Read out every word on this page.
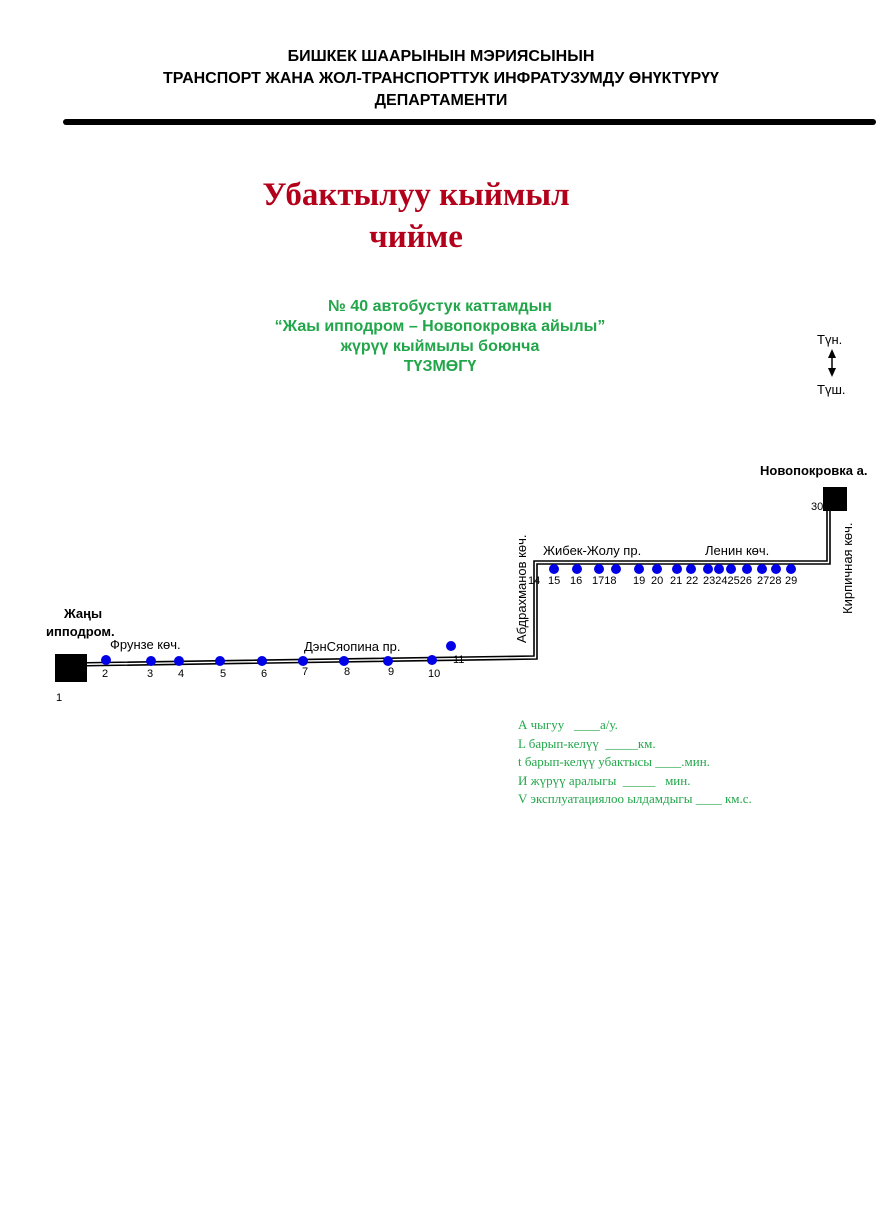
БИШКЕК ШААРЫНЫН МЭРИЯСЫНЫН
ТРАНСПОРТ ЖАНА ЖОЛ-ТРАНСПОРТТУК ИНФРАТУЗУМДУ ӨНҮКТҮРҮҮ
ДЕПАРТАМЕНТИ
Убактылуу кыймыл
чийме
№ 40 автобустук каттамдын
“Жаы ипподром – Новопокровка айылы”
жүрүү кыймылы боюнча
ТҮЗМӨГҮ
Түн.
Түш.
1
2	3 4	5	6	7	8	9	10
11
14 15 16 1718 19 20 21 22 23242526 2728 29
30
Жаңы
ипподром.
Новопокровка а.
Фрунзе көч.	ДэнСяопина пр.
Жибек-Жолу пр.	Ленин көч.
Абдрахманов көч.	Кирпичная көч.
А чыгуу   ____а/у.
L барып-келүү  _____км.
t барып-келүү убактысы ____.мин.
И жүрүү аралыгы  _____   мин.
V эксплуатациялоо ылдамдыгы ____ км.с.
